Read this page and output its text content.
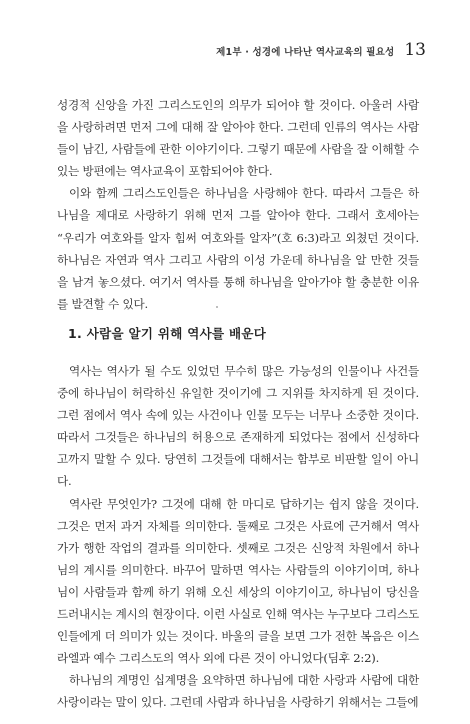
제1부 · 성경에 나타난 역사교육의 필요성 13

성경적 신앙을 가진 그리스도인의 의무가 되어야 할 것이다. 아울러 사람을 사랑하려면 먼저 그에 대해 잘 알아야 한다. 그런데 인류의 역사는 사람들이 남긴, 사람들에 관한 이야기이다. 그렇기 때문에 사람을 잘 이해할 수 있는 방편에는 역사교육이 포함되어야 한다.

이와 함께 그리스도인들은 하나님을 사랑해야 한다. 따라서 그들은 하나님을 제대로 사랑하기 위해 먼저 그를 알아야 한다. 그래서 호세아는 “우리가 여호와를 알자 힘써 여호와를 알자”(호 6:3)라고 외쳤던 것이다. 하나님은 자연과 역사 그리고 사람의 이성 가운데 하나님을 알 만한 것들을 남겨 놓으셨다. 여기서 역사를 통해 하나님을 알아가야 할 충분한 이유를 발견할 수 있다.

1. 사람을 알기 위해 역사를 배운다

역사는 역사가 될 수도 있었던 무수히 많은 가능성의 인물이나 사건들 중에 하나님이 허락하신 유일한 것이기에 그 지위를 차지하게 된 것이다. 그런 점에서 역사 속에 있는 사건이나 인물 모두는 너무나 소중한 것이다. 따라서 그것들은 하나님의 허용으로 존재하게 되었다는 점에서 신성하다고까지 말할 수 있다. 당연히 그것들에 대해서는 함부로 비판할 일이 아니다.

역사란 무엇인가? 그것에 대해 한 마디로 답하기는 쉽지 않을 것이다. 그것은 먼저 과거 자체를 의미한다. 둘째로 그것은 사료에 근거해서 역사가가 행한 작업의 결과를 의미한다. 셋째로 그것은 신앙적 차원에서 하나님의 계시를 의미한다. 바꾸어 말하면 역사는 사람들의 이야기이며, 하나님이 사람들과 함께 하기 위해 오신 세상의 이야기이고, 하나님이 당신을 드러내시는 계시의 현장이다. 이런 사실로 인해 역사는 누구보다 그리스도인들에게 더 의미가 있는 것이다. 바울의 글을 보면 그가 전한 복음은 이스라엘과 예수 그리스도의 역사 외에 다른 것이 아니었다(딤후 2:2).

하나님의 계명인 십계명을 요약하면 하나님에 대한 사랑과 사람에 대한 사랑이라는 말이 있다. 그런데 사람과 하나님을 사랑하기 위해서는 그들에
